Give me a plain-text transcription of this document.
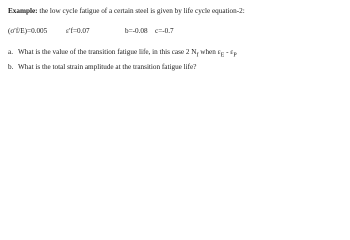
Example: the low cycle fatigue of a certain steel is given by life cycle equation-2:
(σ′f/E)=0.005	ε′f=0.07	b=-0.08 c=-0.7
a. What is the value of the transition fatigue life, in this case 2 $N_f$ when $\varepsilon_E - \varepsilon_P$
b. What is the total strain amplitude at the transition fatigue life?
